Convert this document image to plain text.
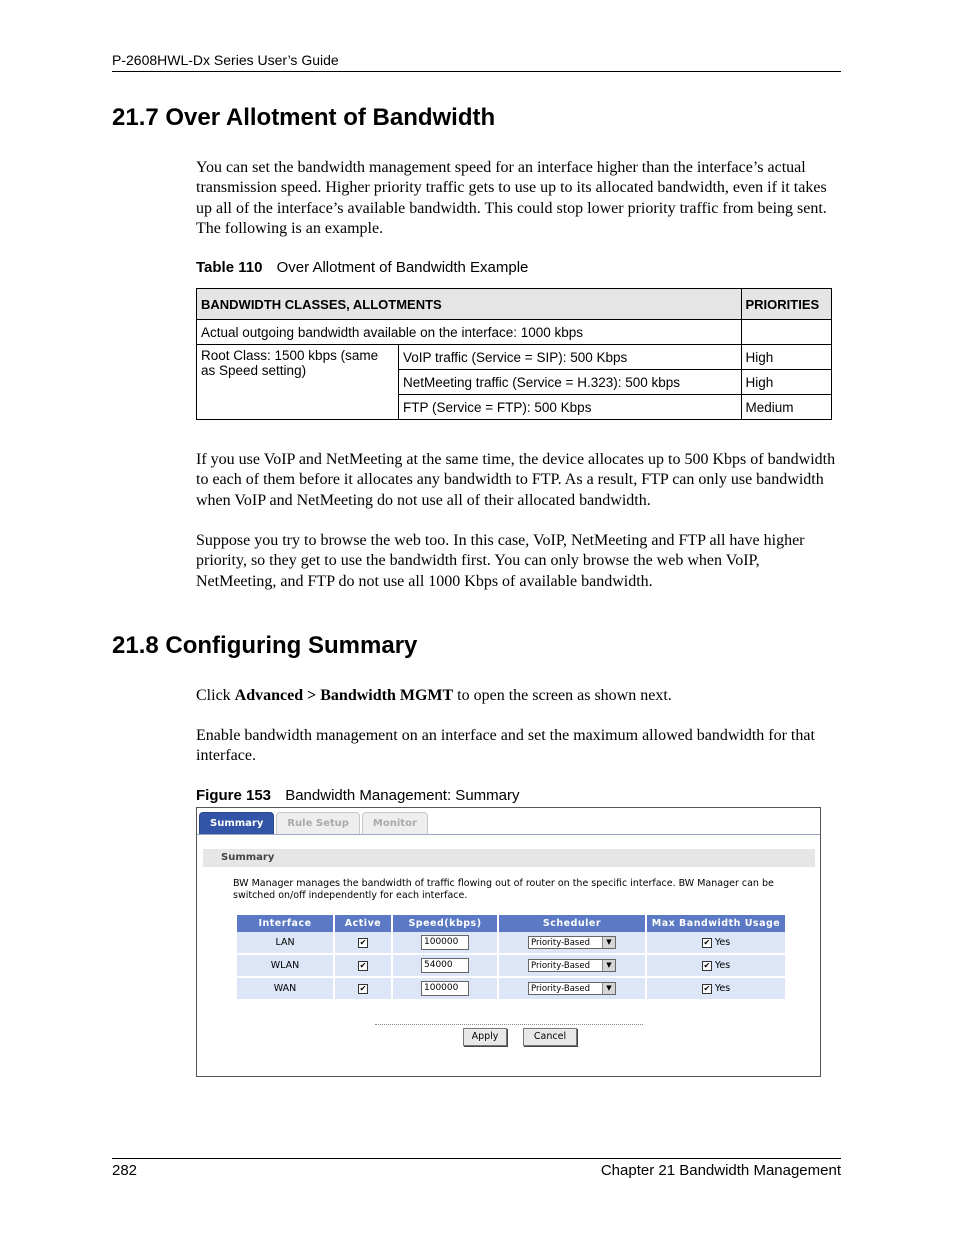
P-2608HWL-Dx Series User’s Guide
21.7 Over Allotment of Bandwidth

You can set the bandwidth management speed for an interface higher than the interface’s actual transmission speed. Higher priority traffic gets to use up to its allocated bandwidth, even if it takes up all of the interface’s available bandwidth. This could stop lower priority traffic from being sent. The following is an example.

Table 110 Over Allotment of Bandwidth Example
BANDWIDTH CLASSES, ALLOTMENTS		PRIORITIES
Actual outgoing bandwidth available on the interface: 1000 kbps		
Root Class: 1500 kbps (same as Speed setting)	VoIP traffic (Service = SIP): 500 Kbps	High
	NetMeeting traffic (Service = H.323): 500 kbps	High
	FTP (Service = FTP): 500 Kbps	Medium

If you use VoIP and NetMeeting at the same time, the device allocates up to 500 Kbps of bandwidth to each of them before it allocates any bandwidth to FTP. As a result, FTP can only use bandwidth when VoIP and NetMeeting do not use all of their allocated bandwidth.

Suppose you try to browse the web too. In this case, VoIP, NetMeeting and FTP all have higher priority, so they get to use the bandwidth first. You can only browse the web when VoIP, NetMeeting, and FTP do not use all 1000 Kbps of available bandwidth.

21.8 Configuring Summary

Click Advanced > Bandwidth MGMT to open the screen as shown next.

Enable bandwidth management on an interface and set the maximum allowed bandwidth for that interface.

Figure 153 Bandwidth Management: Summary
Summary	Rule Setup	Monitor
Summary

BW Manager manages the bandwidth of traffic flowing out of router on the specific interface. BW Manager can be switched on/off independently for each interface.

Interface	Active	Speed(kbps)	Scheduler	Max Bandwidth Usage
LAN	✔	100000	Priority-Based ▼	✔ Yes
WLAN	✔	54000	Priority-Based ▼	✔ Yes
WAN	✔	100000	Priority-Based ▼	✔ Yes
Apply	Cancel
282	Chapter 21 Bandwidth Management
